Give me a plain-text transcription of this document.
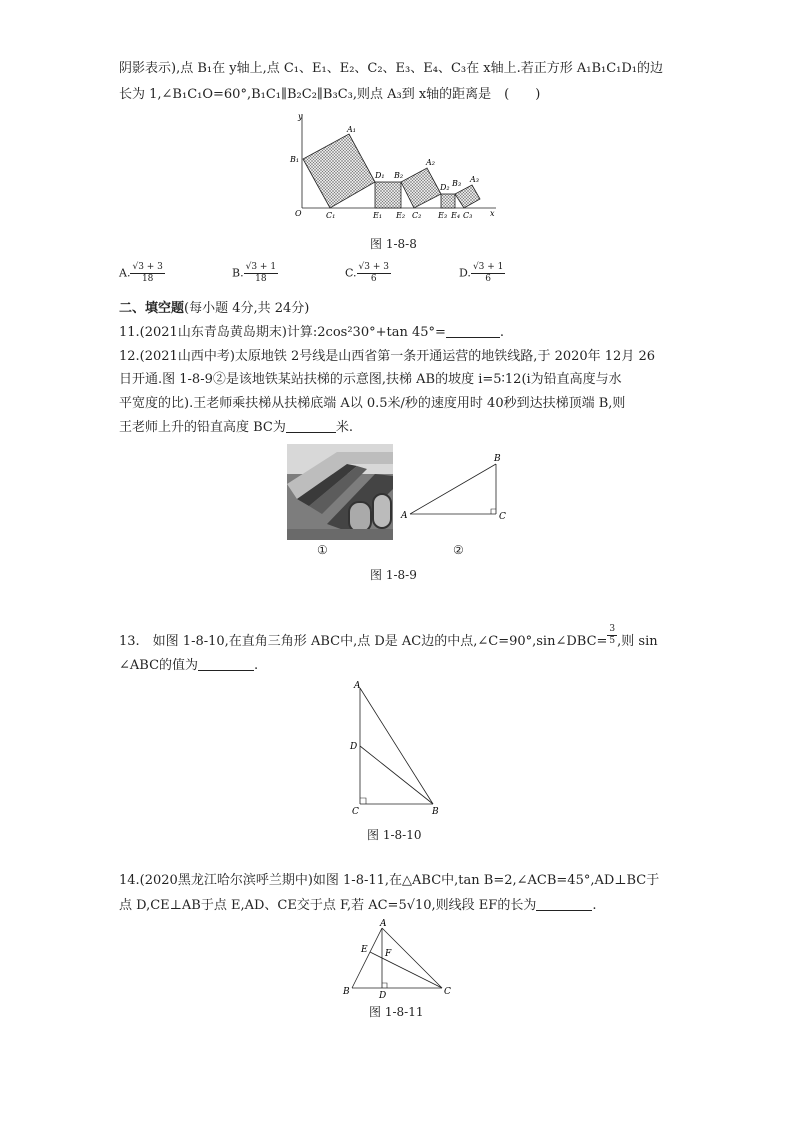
阴影表示),点 B₁在 y轴上,点 C₁、E₁、E₂、C₂、E₃、E₄、C₃在 x轴上.若正方形 A₁B₁C₁D₁的边
长为 1,∠B₁C₁O=60°,B₁C₁∥B₂C₂∥B₃C₃,则点 A₃到 x轴的距离是　(　　)
y
x
O
B₁
A₁
C₁
D₁ B₂
A₂
E₁ E₂ C₂
D₂ B₃ A₃
E₃ E₄ C₃
图 1-8-8
A. $\frac{√3 + 3}{18}$	B. $\frac{√3 + 1}{18}$	C. $\frac{√3 + 3}{6}$	D. $\frac{√3 + 1}{6}$
二、填空题(每小题 4分,共 24分)
11.(2021山东青岛黄岛期末)计算:2cos²30°+tan 45°=	.
12.(2021山西中考)太原地铁 2号线是山西省第一条开通运营的地铁线路,于 2020年 12月 26
日开通.图 1-8-9②是该地铁某站扶梯的示意图,扶梯 AB的坡度 i=5∶12(i为铅直高度与水
平宽度的比).王老师乘扶梯从扶梯底端 A以 0.5米/秒的速度用时 40秒到达扶梯顶端 B,则
王老师上升的铅直高度 BC为	米.
A
B
C
①	②
图 1-8-9
13.　如图 1-8-10,在直角三角形 ABC中,点 D是 AC边的中点,∠C=90°,sin∠DBC= $\frac{3}{5}$ ,则 sin
∠ABC的值为	.
A
D
C	B
图 1-8-10
14.(2020黑龙江哈尔滨呼兰期中)如图 1-8-11,在△ABC中,tan B=2,∠ACB=45°,AD⊥BC于
点 D,CE⊥AB于点 E,AD、CE交于点 F,若 AC=5√10,则线段 EF的长为	.
A
E F
B	D	C
图 1-8-11
